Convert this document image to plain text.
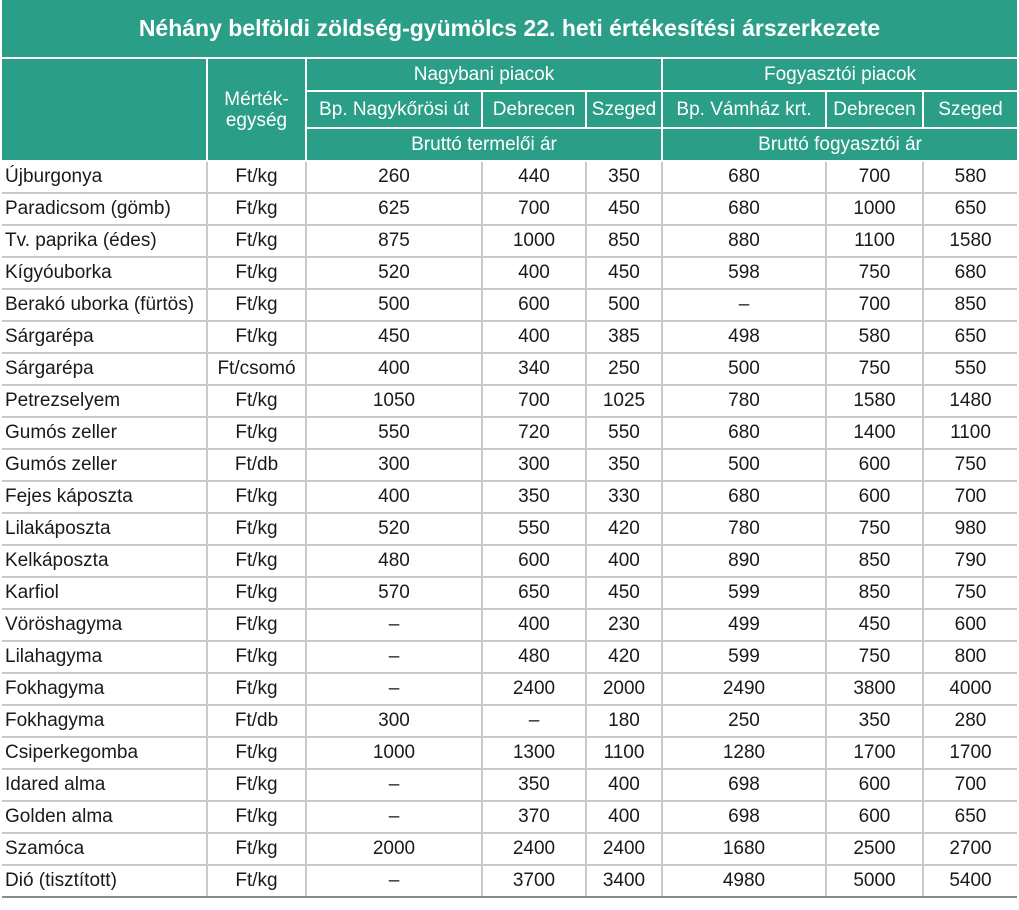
Néhány belföldi zöldség-gyümölcs 22. heti értékesítési árszerkezete							
	Mérték-
egység	Nagybani piacok			Fogyasztói piacok		
		Bp. Nagykőrösi út	Debrecen	Szeged	Bp. Vámház krt.	Debrecen	Szeged
		Bruttó termelői ár			Bruttó fogyasztói ár		
Újburgonya	Ft/kg	260	440	350	680	700	580
Paradicsom (gömb)	Ft/kg	625	700	450	680	1000	650
Tv. paprika (édes)	Ft/kg	875	1000	850	880	1100	1580
Kígyóuborka	Ft/kg	520	400	450	598	750	680
Berakó uborka (fürtös)	Ft/kg	500	600	500	–	700	850
Sárgarépa	Ft/kg	450	400	385	498	580	650
Sárgarépa	Ft/csomó	400	340	250	500	750	550
Petrezselyem	Ft/kg	1050	700	1025	780	1580	1480
Gumós zeller	Ft/kg	550	720	550	680	1400	1100
Gumós zeller	Ft/db	300	300	350	500	600	750
Fejes káposzta	Ft/kg	400	350	330	680	600	700
Lilakáposzta	Ft/kg	520	550	420	780	750	980
Kelkáposzta	Ft/kg	480	600	400	890	850	790
Karfiol	Ft/kg	570	650	450	599	850	750
Vöröshagyma	Ft/kg	–	400	230	499	450	600
Lilahagyma	Ft/kg	–	480	420	599	750	800
Fokhagyma	Ft/kg	–	2400	2000	2490	3800	4000
Fokhagyma	Ft/db	300	–	180	250	350	280
Csiperkegomba	Ft/kg	1000	1300	1100	1280	1700	1700
Idared alma	Ft/kg	–	350	400	698	600	700
Golden alma	Ft/kg	–	370	400	698	600	650
Szamóca	Ft/kg	2000	2400	2400	1680	2500	2700
Dió (tisztított)	Ft/kg	–	3700	3400	4980	5000	5400
